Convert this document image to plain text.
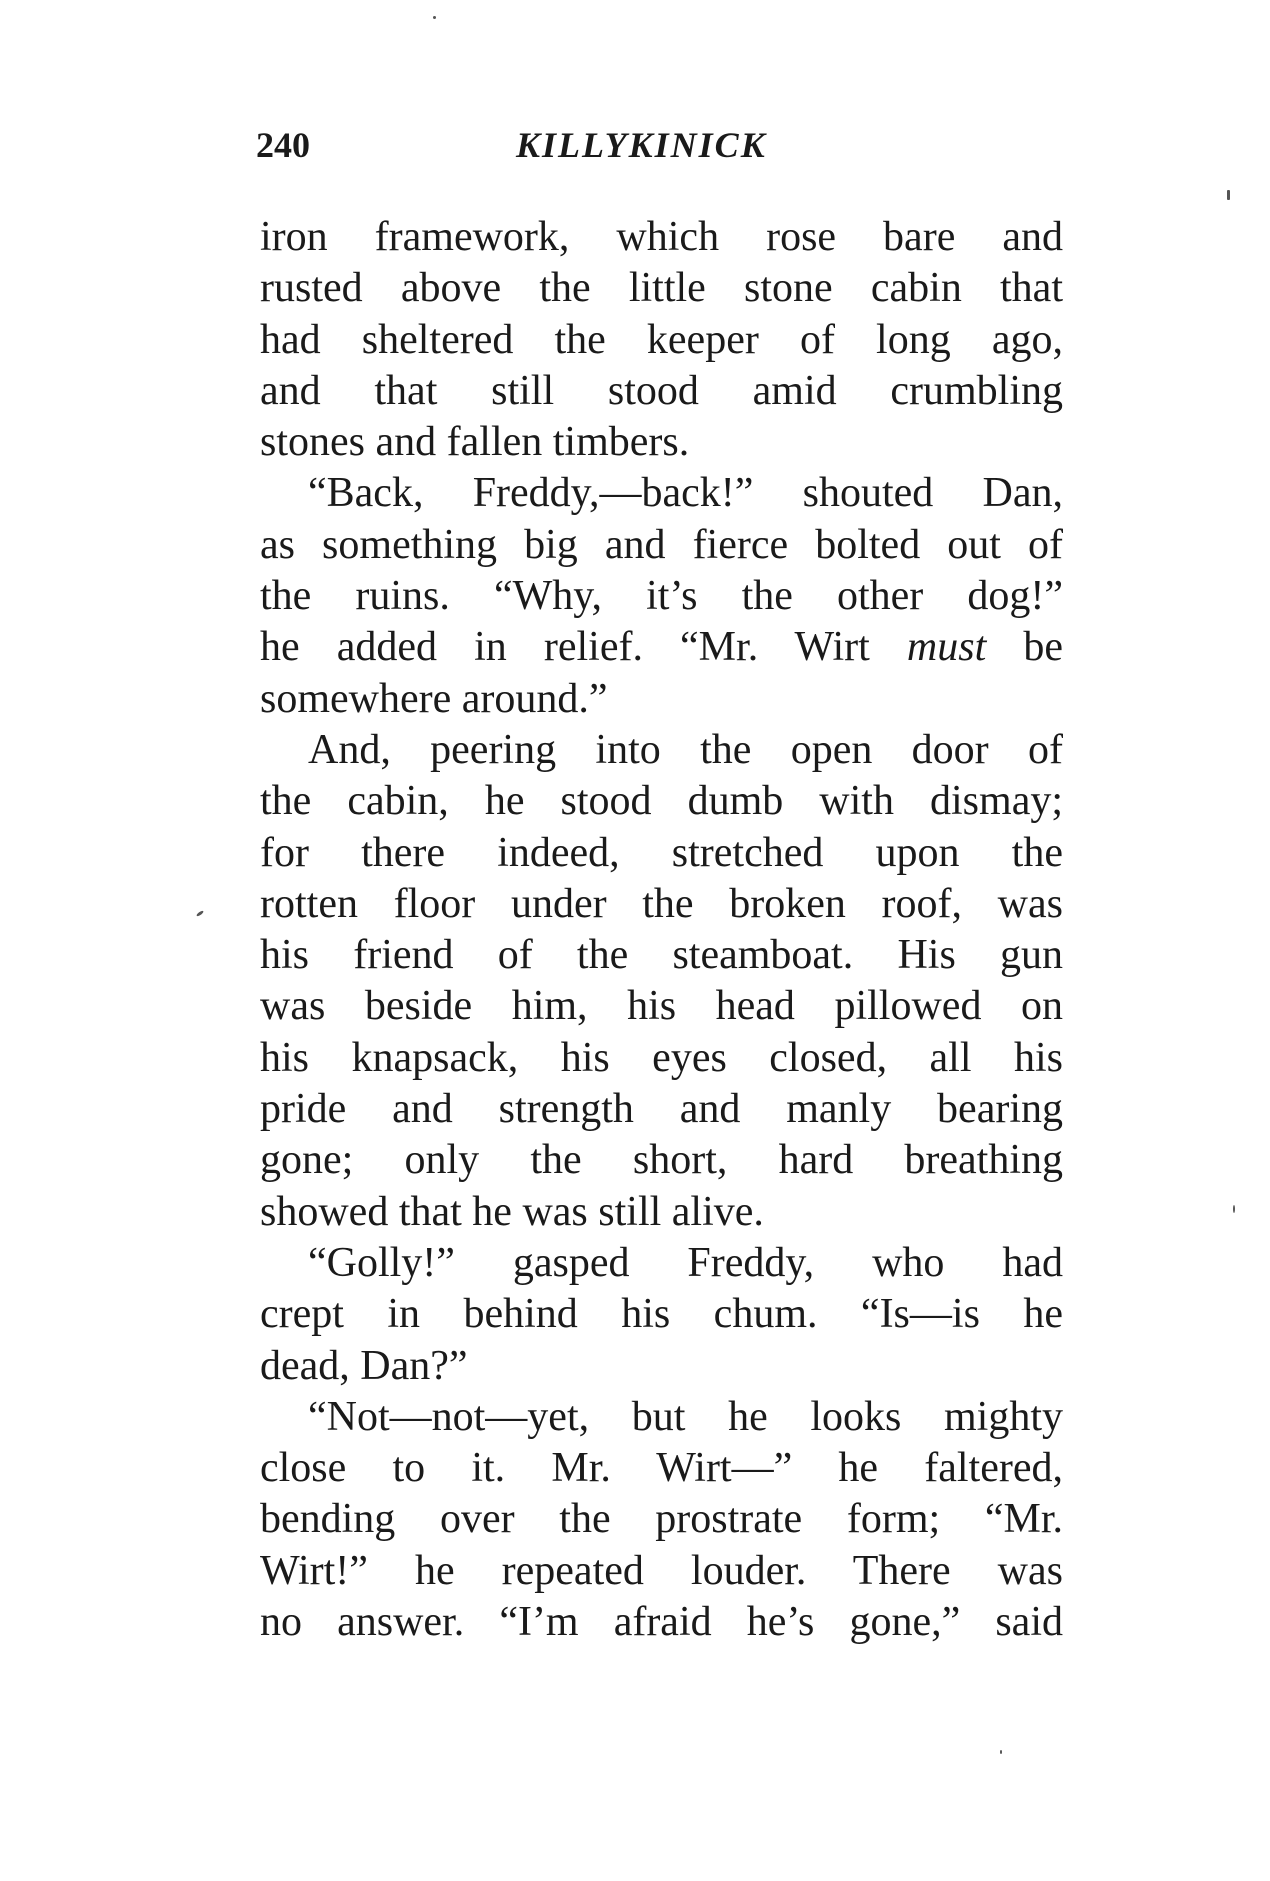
240	KILLYKINICK
iron framework, which rose bare and
rusted above the little stone cabin that
had sheltered the keeper of long ago,
and that still stood amid crumbling
stones and fallen timbers.
“Back, Freddy,—back!” shouted Dan,
as something big and fierce bolted out of
the ruins. “Why, it’s the other dog!”
he added in relief. “Mr. Wirt must be
somewhere around.”
And, peering into the open door of
the cabin, he stood dumb with dismay;
for there indeed, stretched upon the
rotten floor under the broken roof, was
his friend of the steamboat. His gun
was beside him, his head pillowed on
his knapsack, his eyes closed, all his
pride and strength and manly bearing
gone; only the short, hard breathing
showed that he was still alive.
“Golly!” gasped Freddy, who had
crept in behind his chum. “Is—is he
dead, Dan?”
“Not—not—yet, but he looks mighty
close to it. Mr. Wirt—” he faltered,
bending over the prostrate form; “Mr.
Wirt!” he repeated louder. There was
no answer. “I’m afraid he’s gone,” said
